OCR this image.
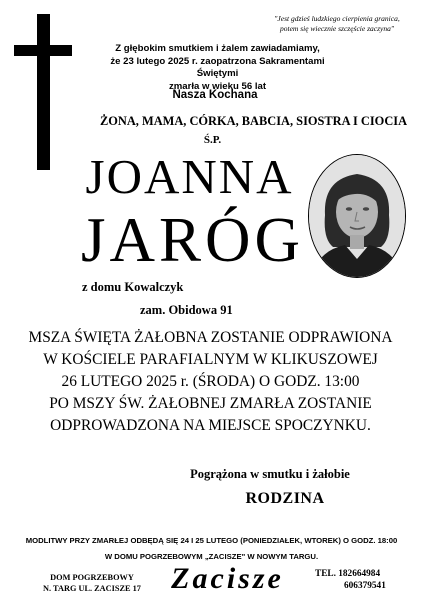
"Jest gdzieś ludzkiego cierpienia granica,
potem się wiecznie szczęście zaczyna"
Z głębokim smutkiem i żalem zawiadamiamy,
że 23 lutego 2025 r. zaopatrzona Sakramentami Świętymi
zmarła w wieku 56 lat
Nasza Kochana
ŻONA, MAMA, CÓRKA, BABCIA, SIOSTRA I CIOCIA
Ś.P.
JOANNA
JARÓG
z domu Kowalczyk
zam. Obidowa 91
MSZA ŚWIĘTA ŻAŁOBNA ZOSTANIE ODPRAWIONA
W KOŚCIELE PARAFIALNYM W KLIKUSZOWEJ
26 LUTEGO 2025 r. (ŚRODA) O GODZ. 13:00
PO MSZY ŚW. ŻAŁOBNEJ ZMARŁA ZOSTANIE
ODPROWADZONA NA MIEJSCE SPOCZYNKU.
Pogrążona w smutku i żałobie
RODZINA
MODLITWY PRZY ZMARŁEJ ODBĘDĄ SIĘ 24 I 25 LUTEGO (PONIEDZIAŁEK, WTOREK) O GODZ. 18:00
W DOMU POGRZEBOWYM „ZACISZE" W NOWYM TARGU.
DOM POGRZEBOWY
N. TARG UL. ZACISZE 17	Zacisze	TEL. 182664984
606379541
